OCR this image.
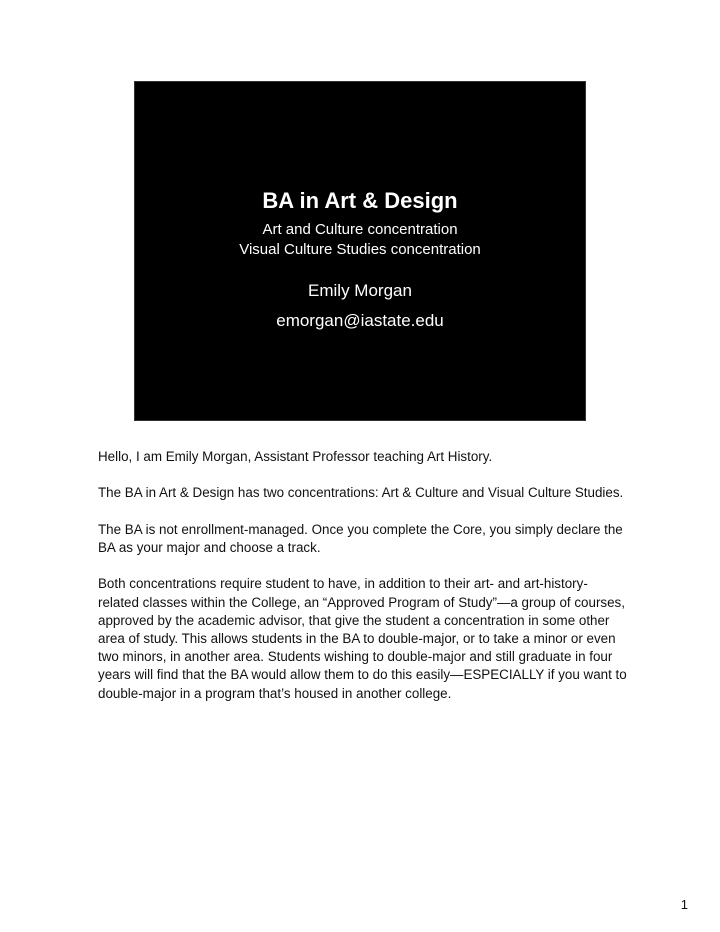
BA in Art & Design

Art and Culture concentration

Visual Culture Studies concentration

Emily Morgan

emorgan@iastate.edu

Hello, I am Emily Morgan, Assistant Professor teaching Art History.

The BA in Art & Design has two concentrations: Art & Culture and Visual Culture Studies.

The BA is not enrollment-managed. Once you complete the Core, you simply declare the BA as your major and choose a track.

Both concentrations require student to have, in addition to their art- and art-history-related classes within the College, an “Approved Program of Study”—a group of courses, approved by the academic advisor, that give the student a concentration in some other area of study. This allows students in the BA to double-major, or to take a minor or even two minors, in another area. Students wishing to double-major and still graduate in four years will find that the BA would allow them to do this easily—ESPECIALLY if you want to double-major in a program that’s housed in another college.

1
